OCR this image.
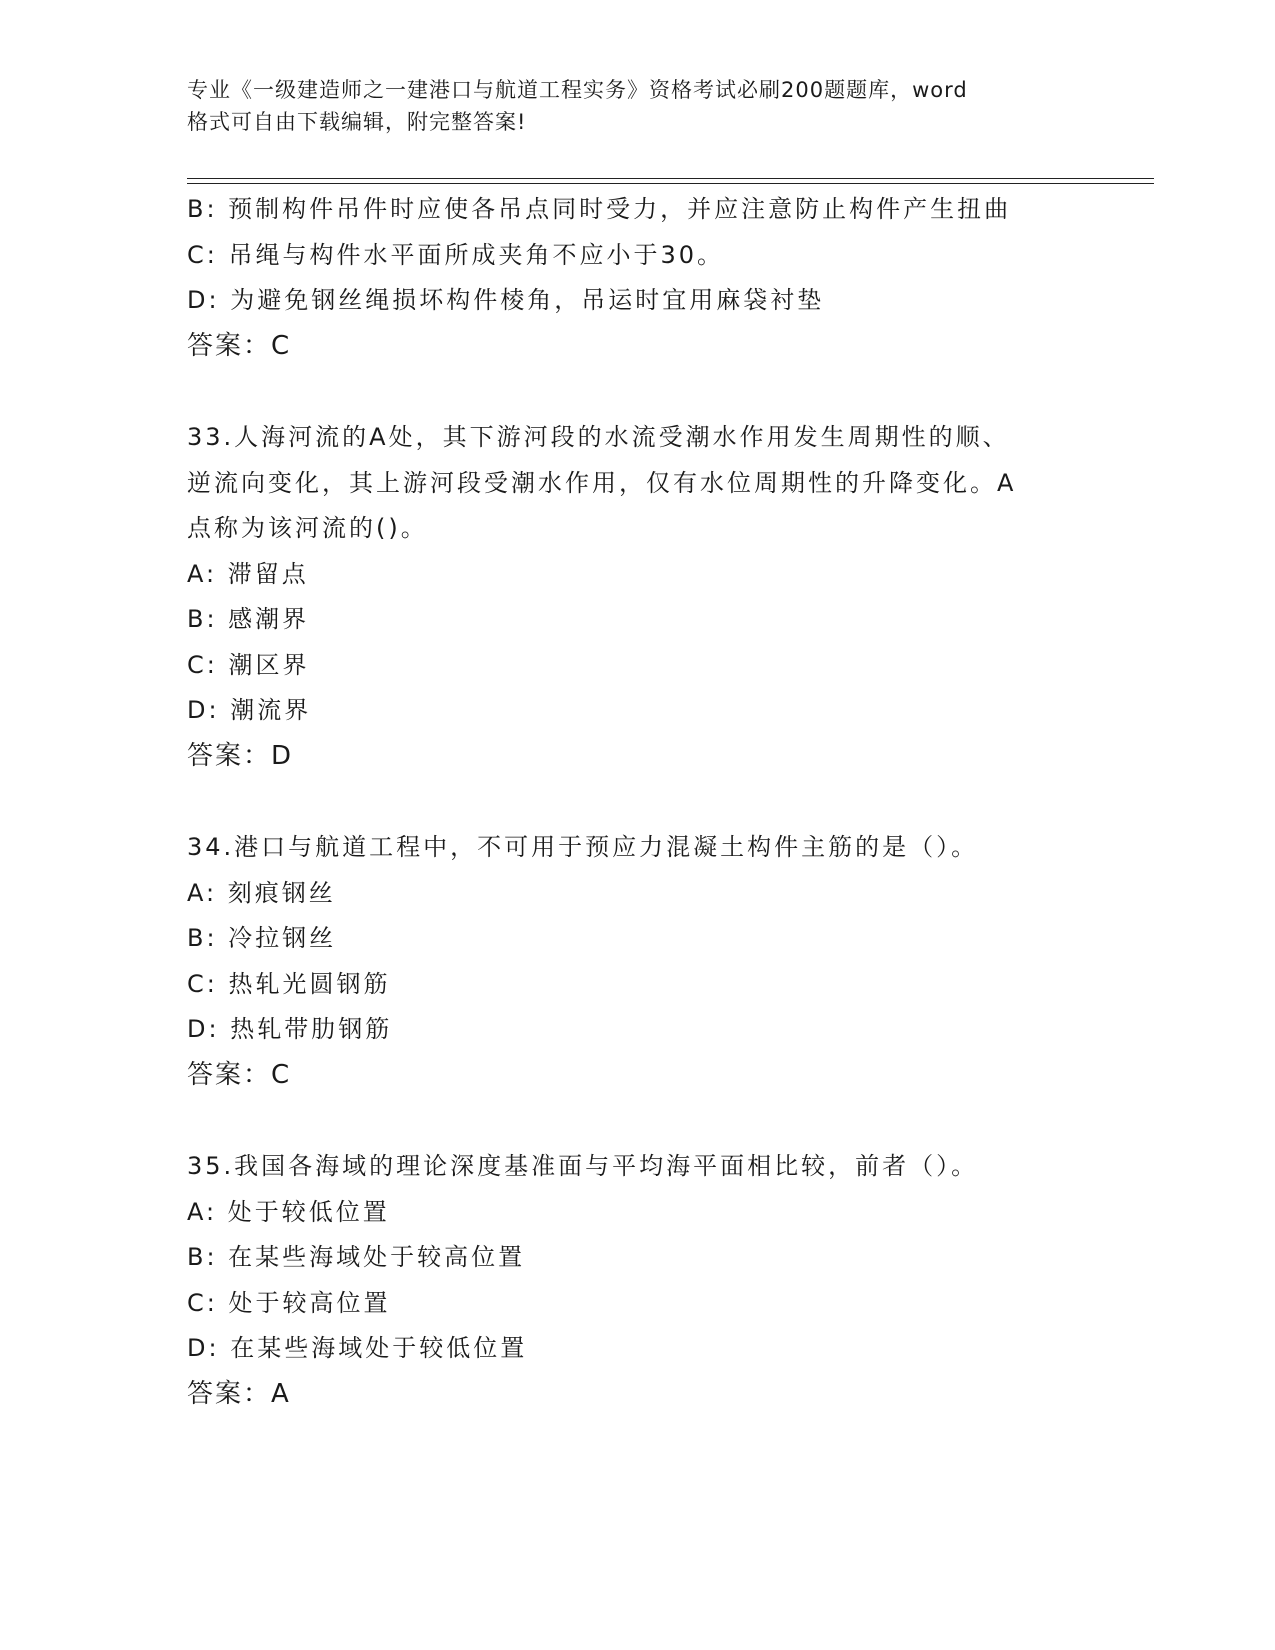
专业《一级建造师之一建港口与航道工程实务》资格考试必刷200题题库，word
格式可自由下载编辑，附完整答案!
B: 预制构件吊件时应使各吊点同时受力，并应注意防止构件产生扭曲
C: 吊绳与构件水平面所成夹角不应小于30。
D: 为避免钢丝绳损坏构件棱角，吊运时宜用麻袋衬垫
答案：C
33.人海河流的A处，其下游河段的水流受潮水作用发生周期性的顺、
逆流向变化，其上游河段受潮水作用，仅有水位周期性的升降变化。A
点称为该河流的()。
A: 滞留点
B: 感潮界
C: 潮区界
D: 潮流界
答案：D
34.港口与航道工程中，不可用于预应力混凝土构件主筋的是（）。
A: 刻痕钢丝
B: 冷拉钢丝
C: 热轧光圆钢筋
D: 热轧带肋钢筋
答案：C
35.我国各海域的理论深度基准面与平均海平面相比较，前者（）。
A: 处于较低位置
B: 在某些海域处于较高位置
C: 处于较高位置
D: 在某些海域处于较低位置
答案：A
